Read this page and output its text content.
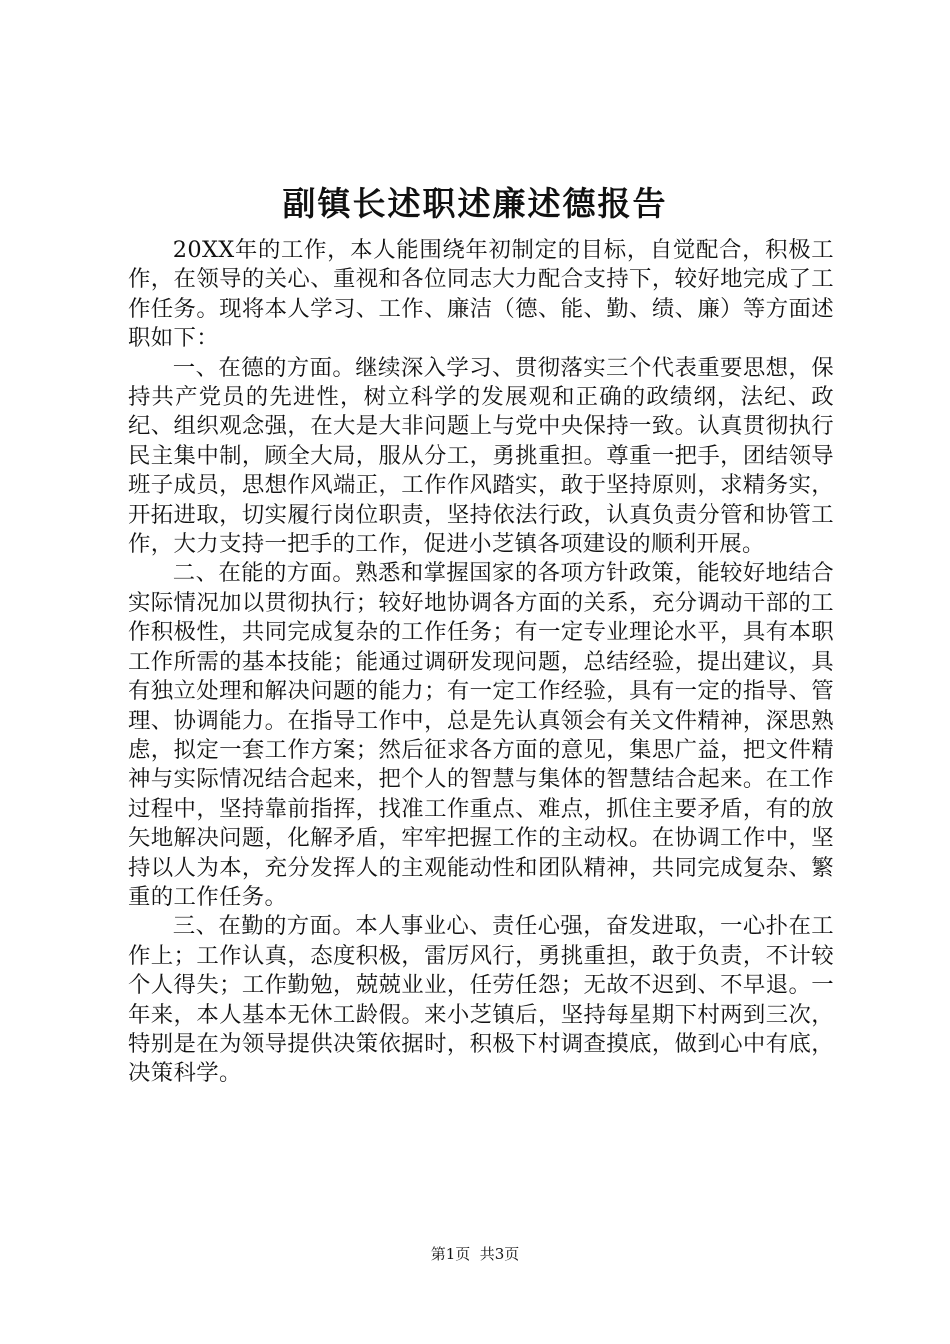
副镇长述职述廉述德报告

20XX年的工作，本人能围绕年初制定的目标，自觉配合，积极工作，在领导的关心、重视和各位同志大力配合支持下，较好地完成了工作任务。现将本人学习、工作、廉洁（德、能、勤、绩、廉）等方面述职如下：

一、在德的方面。继续深入学习、贯彻落实三个代表重要思想，保持共产党员的先进性，树立科学的发展观和正确的政绩纲，法纪、政纪、组织观念强，在大是大非问题上与党中央保持一致。认真贯彻执行民主集中制，顾全大局，服从分工，勇挑重担。尊重一把手，团结领导班子成员，思想作风端正，工作作风踏实，敢于坚持原则，求精务实，开拓进取，切实履行岗位职责，坚持依法行政，认真负责分管和协管工作，大力支持一把手的工作，促进小芝镇各项建设的顺利开展。

二、在能的方面。熟悉和掌握国家的各项方针政策，能较好地结合实际情况加以贯彻执行；较好地协调各方面的关系，充分调动干部的工作积极性，共同完成复杂的工作任务；有一定专业理论水平，具有本职工作所需的基本技能；能通过调研发现问题，总结经验，提出建议，具有独立处理和解决问题的能力；有一定工作经验，具有一定的指导、管理、协调能力。在指导工作中，总是先认真领会有关文件精神，深思熟虑，拟定一套工作方案；然后征求各方面的意见，集思广益，把文件精神与实际情况结合起来，把个人的智慧与集体的智慧结合起来。在工作过程中，坚持靠前指挥，找准工作重点、难点，抓住主要矛盾，有的放矢地解决问题，化解矛盾，牢牢把握工作的主动权。在协调工作中，坚持以人为本，充分发挥人的主观能动性和团队精神，共同完成复杂、繁重的工作任务。

三、在勤的方面。本人事业心、责任心强，奋发进取，一心扑在工作上；工作认真，态度积极，雷厉风行，勇挑重担，敢于负责，不计较个人得失；工作勤勉，兢兢业业，任劳任怨；无故不迟到、不早退。一年来，本人基本无休工龄假。来小芝镇后，坚持每星期下村两到三次，特别是在为领导提供决策依据时，积极下村调查摸底，做到心中有底，决策科学。

第1页  共3页
